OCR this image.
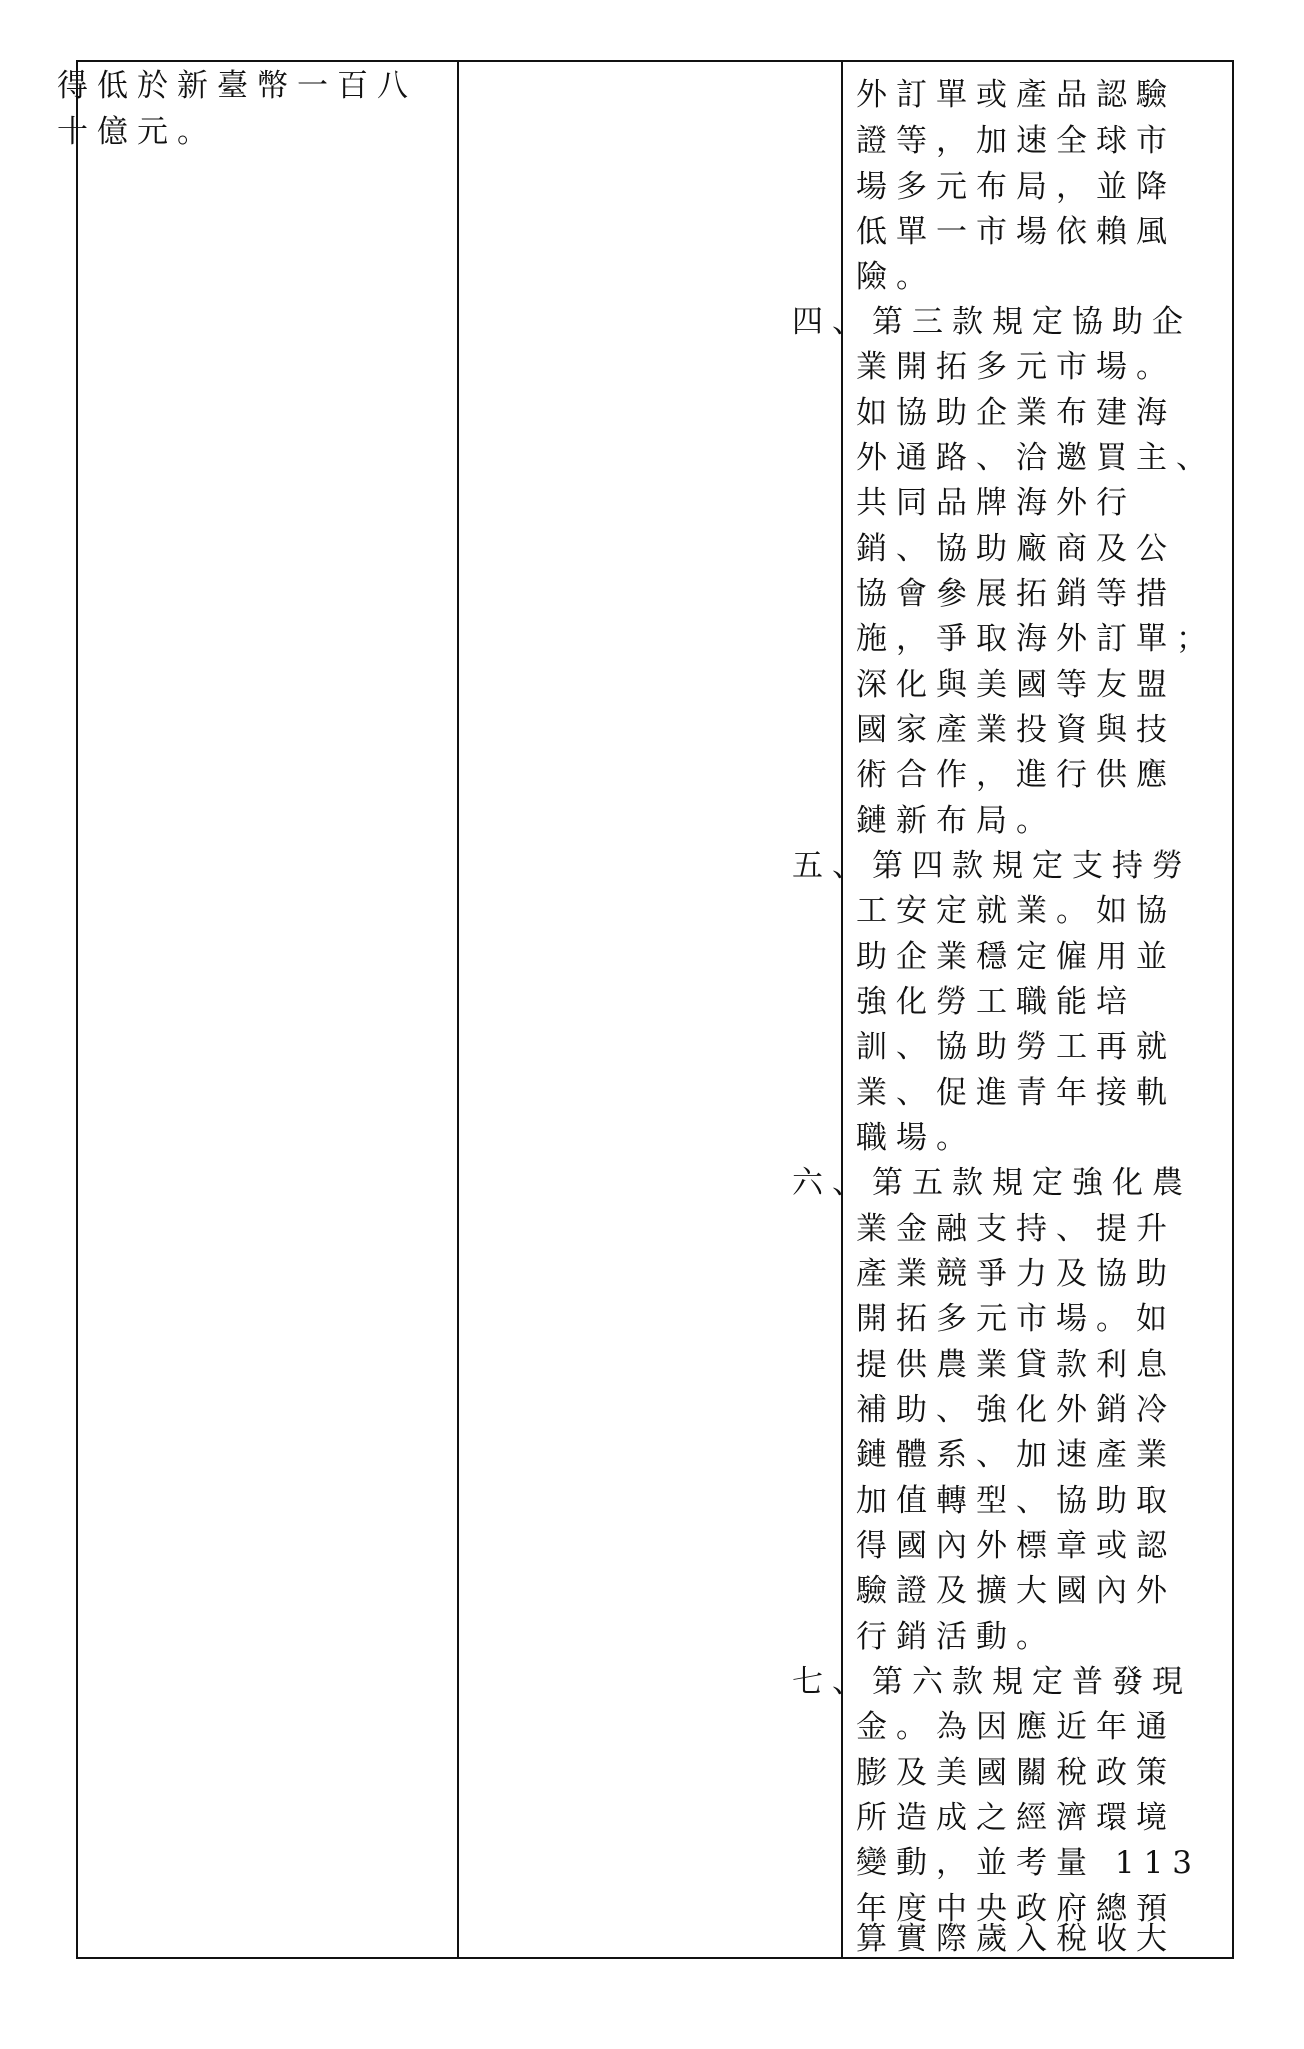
得低於新臺幣一百八
十億元。
外訂單或產品認驗
證等，加速全球市
場多元布局，並降
低單一市場依賴風
險。
四、第三款規定協助企
業開拓多元市場。
如協助企業布建海
外通路、洽邀買主、
共同品牌海外行
銷、協助廠商及公
協會參展拓銷等措
施，爭取海外訂單；
深化與美國等友盟
國家產業投資與技
術合作，進行供應
鏈新布局。
五、第四款規定支持勞
工安定就業。如協
助企業穩定僱用並
強化勞工職能培
訓、協助勞工再就
業、促進青年接軌
職場。
六、第五款規定強化農
業金融支持、提升
產業競爭力及協助
開拓多元市場。如
提供農業貸款利息
補助、強化外銷冷
鏈體系、加速產業
加值轉型、協助取
得國內外標章或認
驗證及擴大國內外
行銷活動。
七、第六款規定普發現
金。為因應近年通
膨及美國關稅政策
所造成之經濟環境
變動，並考量 113
年度中央政府總預
算實際歲入稅收大
